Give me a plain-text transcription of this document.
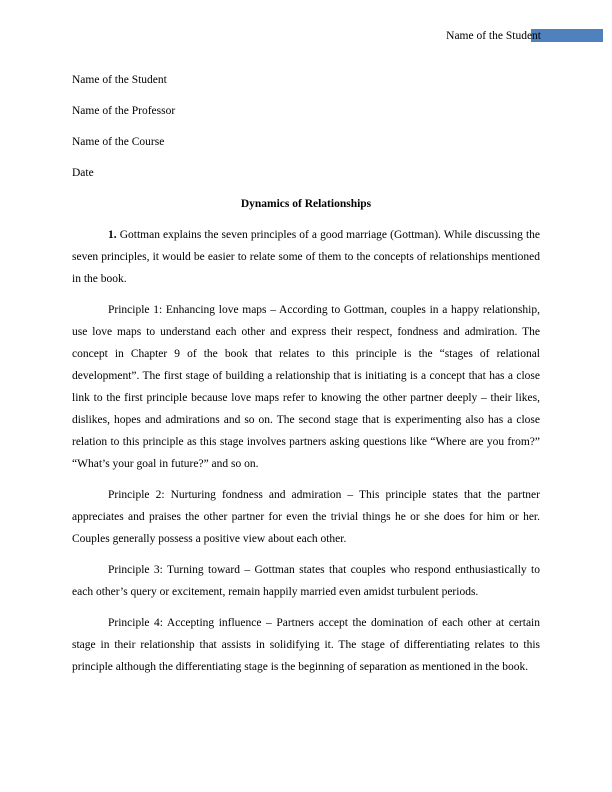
Name of the Student
Name of the Student
Name of the Professor
Name of the Course
Date
Dynamics of Relationships

1. Gottman explains the seven principles of a good marriage (Gottman). While discussing the seven principles, it would be easier to relate some of them to the concepts of relationships mentioned in the book.

Principle 1: Enhancing love maps – According to Gottman, couples in a happy relationship, use love maps to understand each other and express their respect, fondness and admiration. The concept in Chapter 9 of the book that relates to this principle is the “stages of relational development”. The first stage of building a relationship that is initiating is a concept that has a close link to the first principle because love maps refer to knowing the other partner deeply – their likes, dislikes, hopes and admirations and so on. The second stage that is experimenting also has a close relation to this principle as this stage involves partners asking questions like “Where are you from?” “What’s your goal in future?” and so on.

Principle 2: Nurturing fondness and admiration – This principle states that the partner appreciates and praises the other partner for even the trivial things he or she does for him or her. Couples generally possess a positive view about each other.

Principle 3: Turning toward – Gottman states that couples who respond enthusiastically to each other’s query or excitement, remain happily married even amidst turbulent periods.

Principle 4: Accepting influence – Partners accept the domination of each other at certain stage in their relationship that assists in solidifying it. The stage of differentiating relates to this principle although the differentiating stage is the beginning of separation as mentioned in the book.
